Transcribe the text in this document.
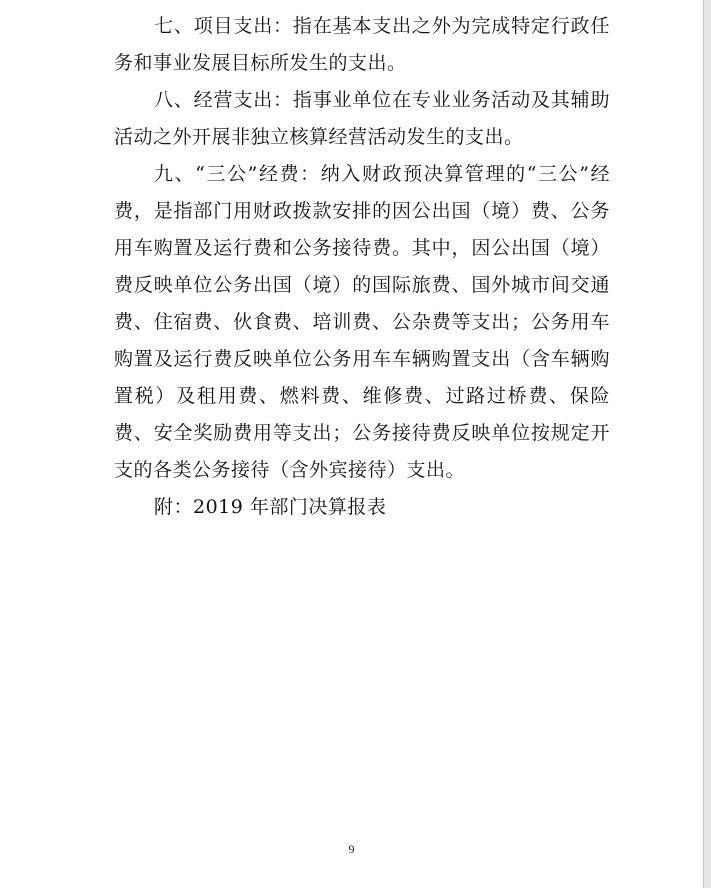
七、项目支出：指在基本支出之外为完成特定行政任务和事业发展目标所发生的支出。

八、经营支出：指事业单位在专业业务活动及其辅助活动之外开展非独立核算经营活动发生的支出。

九、“三公”经费：纳入财政预决算管理的“三公”经费，是指部门用财政拨款安排的因公出国（境）费、公务用车购置及运行费和公务接待费。其中，因公出国（境）费反映单位公务出国（境）的国际旅费、国外城市间交通费、住宿费、伙食费、培训费、公杂费等支出；公务用车购置及运行费反映单位公务用车车辆购置支出（含车辆购置税）及租用费、燃料费、维修费、过路过桥费、保险费、安全奖励费用等支出；公务接待费反映单位按规定开支的各类公务接待（含外宾接待）支出。

附：2019 年部门决算报表

9
